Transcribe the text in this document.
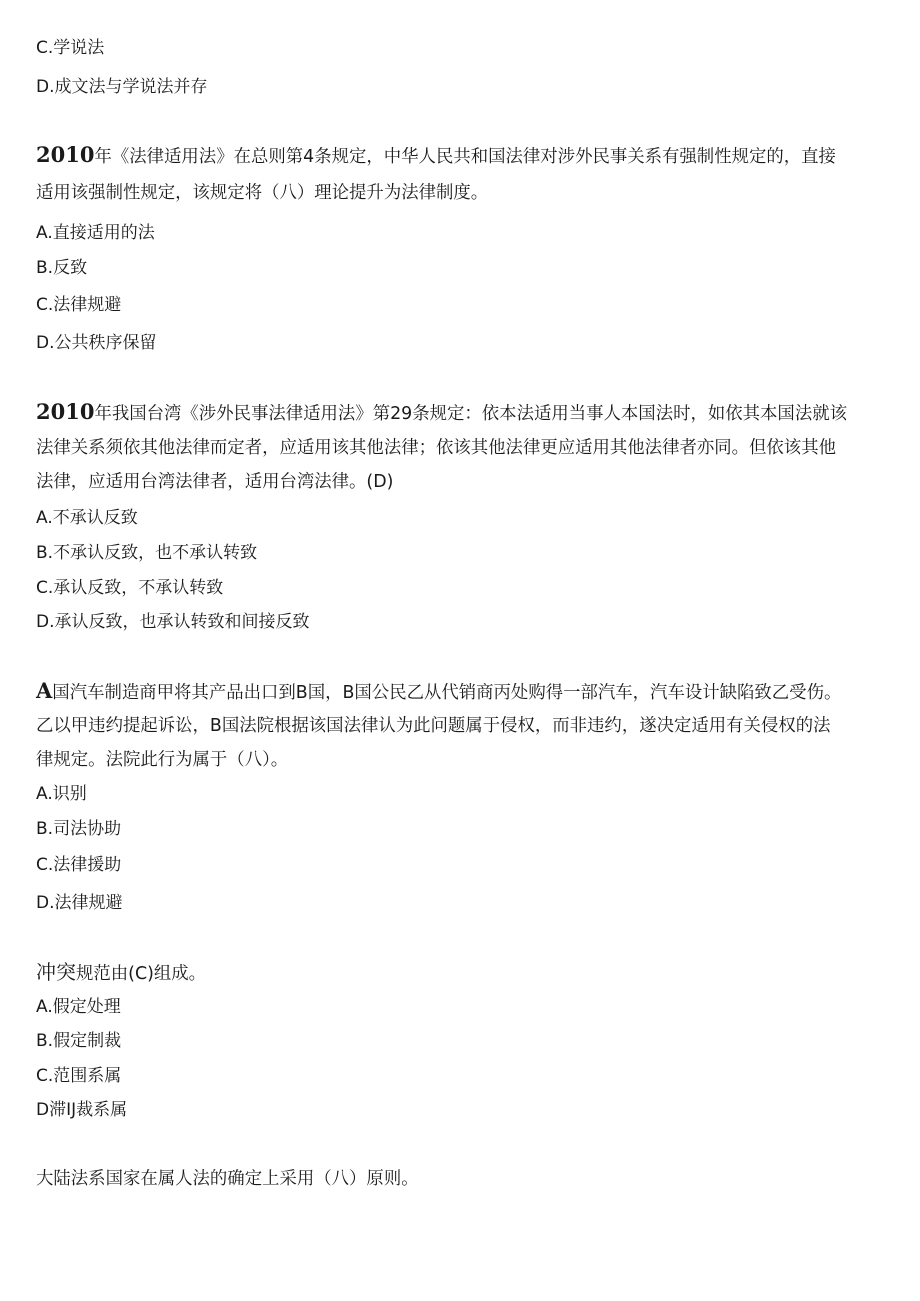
C.学说法
D.成文法与学说法并存
2010年《法律适用法》在总则第4条规定，中华人民共和国法律对涉外民事关系有强制性规定的，直接
适用该强制性规定，该规定将（八）理论提升为法律制度。
A.直接适用的法
B.反致
C.法律规避
D.公共秩序保留
2010年我国台湾《涉外民事法律适用法》第29条规定：依本法适用当事人本国法时，如依其本国法就该
法律关系须依其他法律而定者，应适用该其他法律；依该其他法律更应适用其他法律者亦同。但依该其他
法律，应适用台湾法律者，适用台湾法律。(D)
A.不承认反致
B.不承认反致，也不承认转致
C.承认反致，不承认转致
D.承认反致，也承认转致和间接反致
A国汽车制造商甲将其产品出口到B国，B国公民乙从代销商丙处购得一部汽车，汽车设计缺陷致乙受伤。
乙以甲违约提起诉讼，B国法院根据该国法律认为此问题属于侵权，而非违约，遂决定适用有关侵权的法
律规定。法院此行为属于（八）。
A.识别
B.司法协助
C.法律援助
D.法律规避
冲突规范由(C)组成。
A.假定处理
B.假定制裁
C.范围系属
D滞IJ裁系属
大陆法系国家在属人法的确定上采用（八）原则。
